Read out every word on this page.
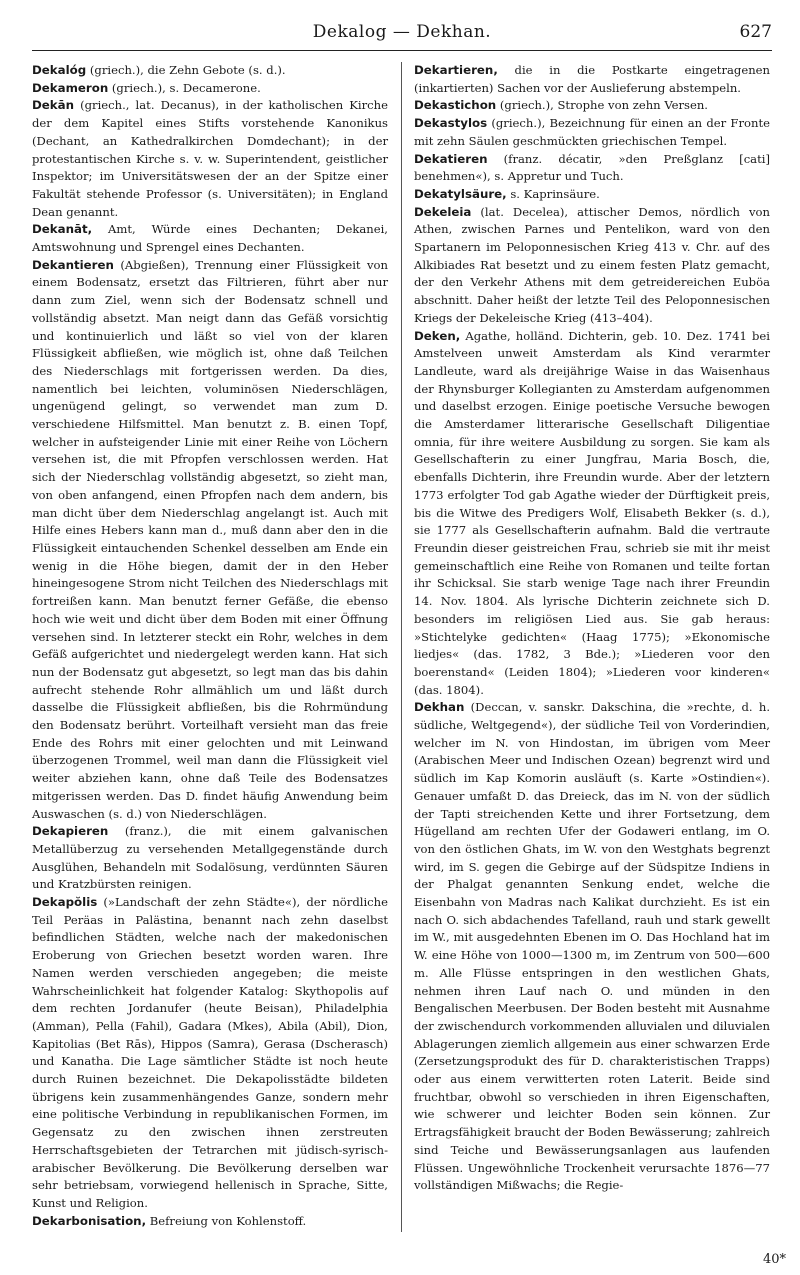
Dekalog — Dekhan.	627

Dekalóg (griech.), die Zehn Gebote (s. d.).

Dekameron (griech.), s. Decamerone.

Dekān (griech., lat. Decanus), in der katholischen Kirche der dem Kapitel eines Stifts vorstehende Kanonikus (Dechant, an Kathedralkirchen Domdechant); in der protestantischen Kirche s. v. w. Superintendent, geistlicher Inspektor; im Universitätswesen der an der Spitze einer Fakultät stehende Professor (s. Universitäten); in England Dean genannt.

Dekanāt, Amt, Würde eines Dechanten; Dekanei, Amtswohnung und Sprengel eines Dechanten.

Dekantieren (Abgießen), Trennung einer Flüssigkeit von einem Bodensatz, ersetzt das Filtrieren, führt aber nur dann zum Ziel, wenn sich der Bodensatz schnell und vollständig absetzt. Man neigt dann das Gefäß vorsichtig und kontinuierlich und läßt so viel von der klaren Flüssigkeit abfließen, wie möglich ist, ohne daß Teilchen des Niederschlags mit fortgerissen werden. Da dies, namentlich bei leichten, voluminösen Niederschlägen, ungenügend gelingt, so verwendet man zum D. verschiedene Hilfsmittel. Man benutzt z. B. einen Topf, welcher in aufsteigender Linie mit einer Reihe von Löchern versehen ist, die mit Pfropfen verschlossen werden. Hat sich der Niederschlag vollständig abgesetzt, so zieht man, von oben anfangend, einen Pfropfen nach dem andern, bis man dicht über dem Niederschlag angelangt ist. Auch mit Hilfe eines Hebers kann man d., muß dann aber den in die Flüssigkeit eintauchenden Schenkel desselben am Ende ein wenig in die Höhe biegen, damit der in den Heber hineingesogene Strom nicht Teilchen des Niederschlags mit fortreißen kann. Man benutzt ferner Gefäße, die ebenso hoch wie weit und dicht über dem Boden mit einer Öffnung versehen sind. In letzterer steckt ein Rohr, welches in dem Gefäß aufgerichtet und niedergelegt werden kann. Hat sich nun der Bodensatz gut abgesetzt, so legt man das bis dahin aufrecht stehende Rohr allmählich um und läßt durch dasselbe die Flüssigkeit abfließen, bis die Rohrmündung den Bodensatz berührt. Vorteilhaft versieht man das freie Ende des Rohrs mit einer gelochten und mit Leinwand überzogenen Trommel, weil man dann die Flüssigkeit viel weiter abziehen kann, ohne daß Teile des Bodensatzes mitgerissen werden. Das D. findet häufig Anwendung beim Auswaschen (s. d.) von Niederschlägen.

Dekapieren (franz.), die mit einem galvanischen Metallüberzug zu versehenden Metallgegenstände durch Ausglühen, Behandeln mit Sodalösung, verdünnten Säuren und Kratzbürsten reinigen.

Dekapŏlis (»Landschaft der zehn Städte«), der nördliche Teil Peräas in Palästina, benannt nach zehn daselbst befindlichen Städten, welche nach der makedonischen Eroberung von Griechen besetzt worden waren. Ihre Namen werden verschieden angegeben; die meiste Wahrscheinlichkeit hat folgender Katalog: Skythopolis auf dem rechten Jordanufer (heute Beisan), Philadelphia (Amman), Pella (Fahil), Gadara (Mkes), Abila (Abil), Dion, Kapitolias (Bet Rās), Hippos (Samra), Gerasa (Dscherasch) und Kanatha. Die Lage sämtlicher Städte ist noch heute durch Ruinen bezeichnet. Die Dekapolisstädte bildeten übrigens kein zusammenhängendes Ganze, sondern mehr eine politische Verbindung in republikanischen Formen, im Gegensatz zu den zwischen ihnen zerstreuten Herrschaftsgebieten der Tetrarchen mit jüdisch-syrisch-arabischer Bevölkerung. Die Bevölkerung derselben war sehr betriebsam, vorwiegend hellenisch in Sprache, Sitte, Kunst und Religion.

Dekarbonisation, Befreiung von Kohlenstoff.

Dekartieren, die in die Postkarte eingetragenen (inkartierten) Sachen vor der Auslieferung abstempeln.

Dekastichon (griech.), Strophe von zehn Versen.

Dekastylos (griech.), Bezeichnung für einen an der Fronte mit zehn Säulen geschmückten griechischen Tempel.

Dekatieren (franz. décatir, »den Preßglanz [cati] benehmen«), s. Appretur und Tuch.

Dekatylsäure, s. Kaprinsäure.

Dekeleia (lat. Decelea), attischer Demos, nördlich von Athen, zwischen Parnes und Pentelikon, ward von den Spartanern im Peloponnesischen Krieg 413 v. Chr. auf des Alkibiades Rat besetzt und zu einem festen Platz gemacht, der den Verkehr Athens mit dem getreidereichen Euböa abschnitt. Daher heißt der letzte Teil des Peloponnesischen Kriegs der Dekeleische Krieg (413–404).

Deken, Agathe, holländ. Dichterin, geb. 10. Dez. 1741 bei Amstelveen unweit Amsterdam als Kind verarmter Landleute, ward als dreijährige Waise in das Waisenhaus der Rhynsburger Kollegianten zu Amsterdam aufgenommen und daselbst erzogen. Einige poetische Versuche bewogen die Amsterdamer litterarische Gesellschaft Diligentiae omnia, für ihre weitere Ausbildung zu sorgen. Sie kam als Gesellschafterin zu einer Jungfrau, Maria Bosch, die, ebenfalls Dichterin, ihre Freundin wurde. Aber der letztern 1773 erfolgter Tod gab Agathe wieder der Dürftigkeit preis, bis die Witwe des Predigers Wolf, Elisabeth Bekker (s. d.), sie 1777 als Gesellschafterin aufnahm. Bald die vertraute Freundin dieser geistreichen Frau, schrieb sie mit ihr meist gemeinschaftlich eine Reihe von Romanen und teilte fortan ihr Schicksal. Sie starb wenige Tage nach ihrer Freundin 14. Nov. 1804. Als lyrische Dichterin zeichnete sich D. besonders im religiösen Lied aus. Sie gab heraus: »Stichtelyke gedichten« (Haag 1775); »Ekonomische liedjes« (das. 1782, 3 Bde.); »Liederen voor den boerenstand« (Leiden 1804); »Liederen voor kinderen« (das. 1804).

Dekhan (Deccan, v. sanskr. Dakschina, die »rechte, d. h. südliche, Weltgegend«), der südliche Teil von Vorderindien, welcher im N. von Hindostan, im übrigen vom Meer (Arabischen Meer und Indischen Ozean) begrenzt wird und südlich im Kap Komorin ausläuft (s. Karte »Ostindien«). Genauer umfaßt D. das Dreieck, das im N. von der südlich der Tapti streichenden Kette und ihrer Fortsetzung, dem Hügelland am rechten Ufer der Godaweri entlang, im O. von den östlichen Ghats, im W. von den Westghats begrenzt wird, im S. gegen die Gebirge auf der Südspitze Indiens in der Phalgat genannten Senkung endet, welche die Eisenbahn von Madras nach Kalikat durchzieht. Es ist ein nach O. sich abdachendes Tafelland, rauh und stark gewellt im W., mit ausgedehnten Ebenen im O. Das Hochland hat im W. eine Höhe von 1000—1300 m, im Zentrum von 500—600 m. Alle Flüsse entspringen in den westlichen Ghats, nehmen ihren Lauf nach O. und münden in den Bengalischen Meerbusen. Der Boden besteht mit Ausnahme der zwischendurch vorkommenden alluvialen und diluvialen Ablagerungen ziemlich allgemein aus einer schwarzen Erde (Zersetzungsprodukt des für D. charakteristischen Trapps) oder aus einem verwitterten roten Laterit. Beide sind fruchtbar, obwohl so verschieden in ihren Eigenschaften, wie schwerer und leichter Boden sein können. Zur Ertragsfähigkeit braucht der Boden Bewässerung; zahlreich sind Teiche und Bewässerungsanlagen aus laufenden Flüssen. Ungewöhnliche Trockenheit verursachte 1876—77 vollständigen Mißwachs; die Regie-

40*
